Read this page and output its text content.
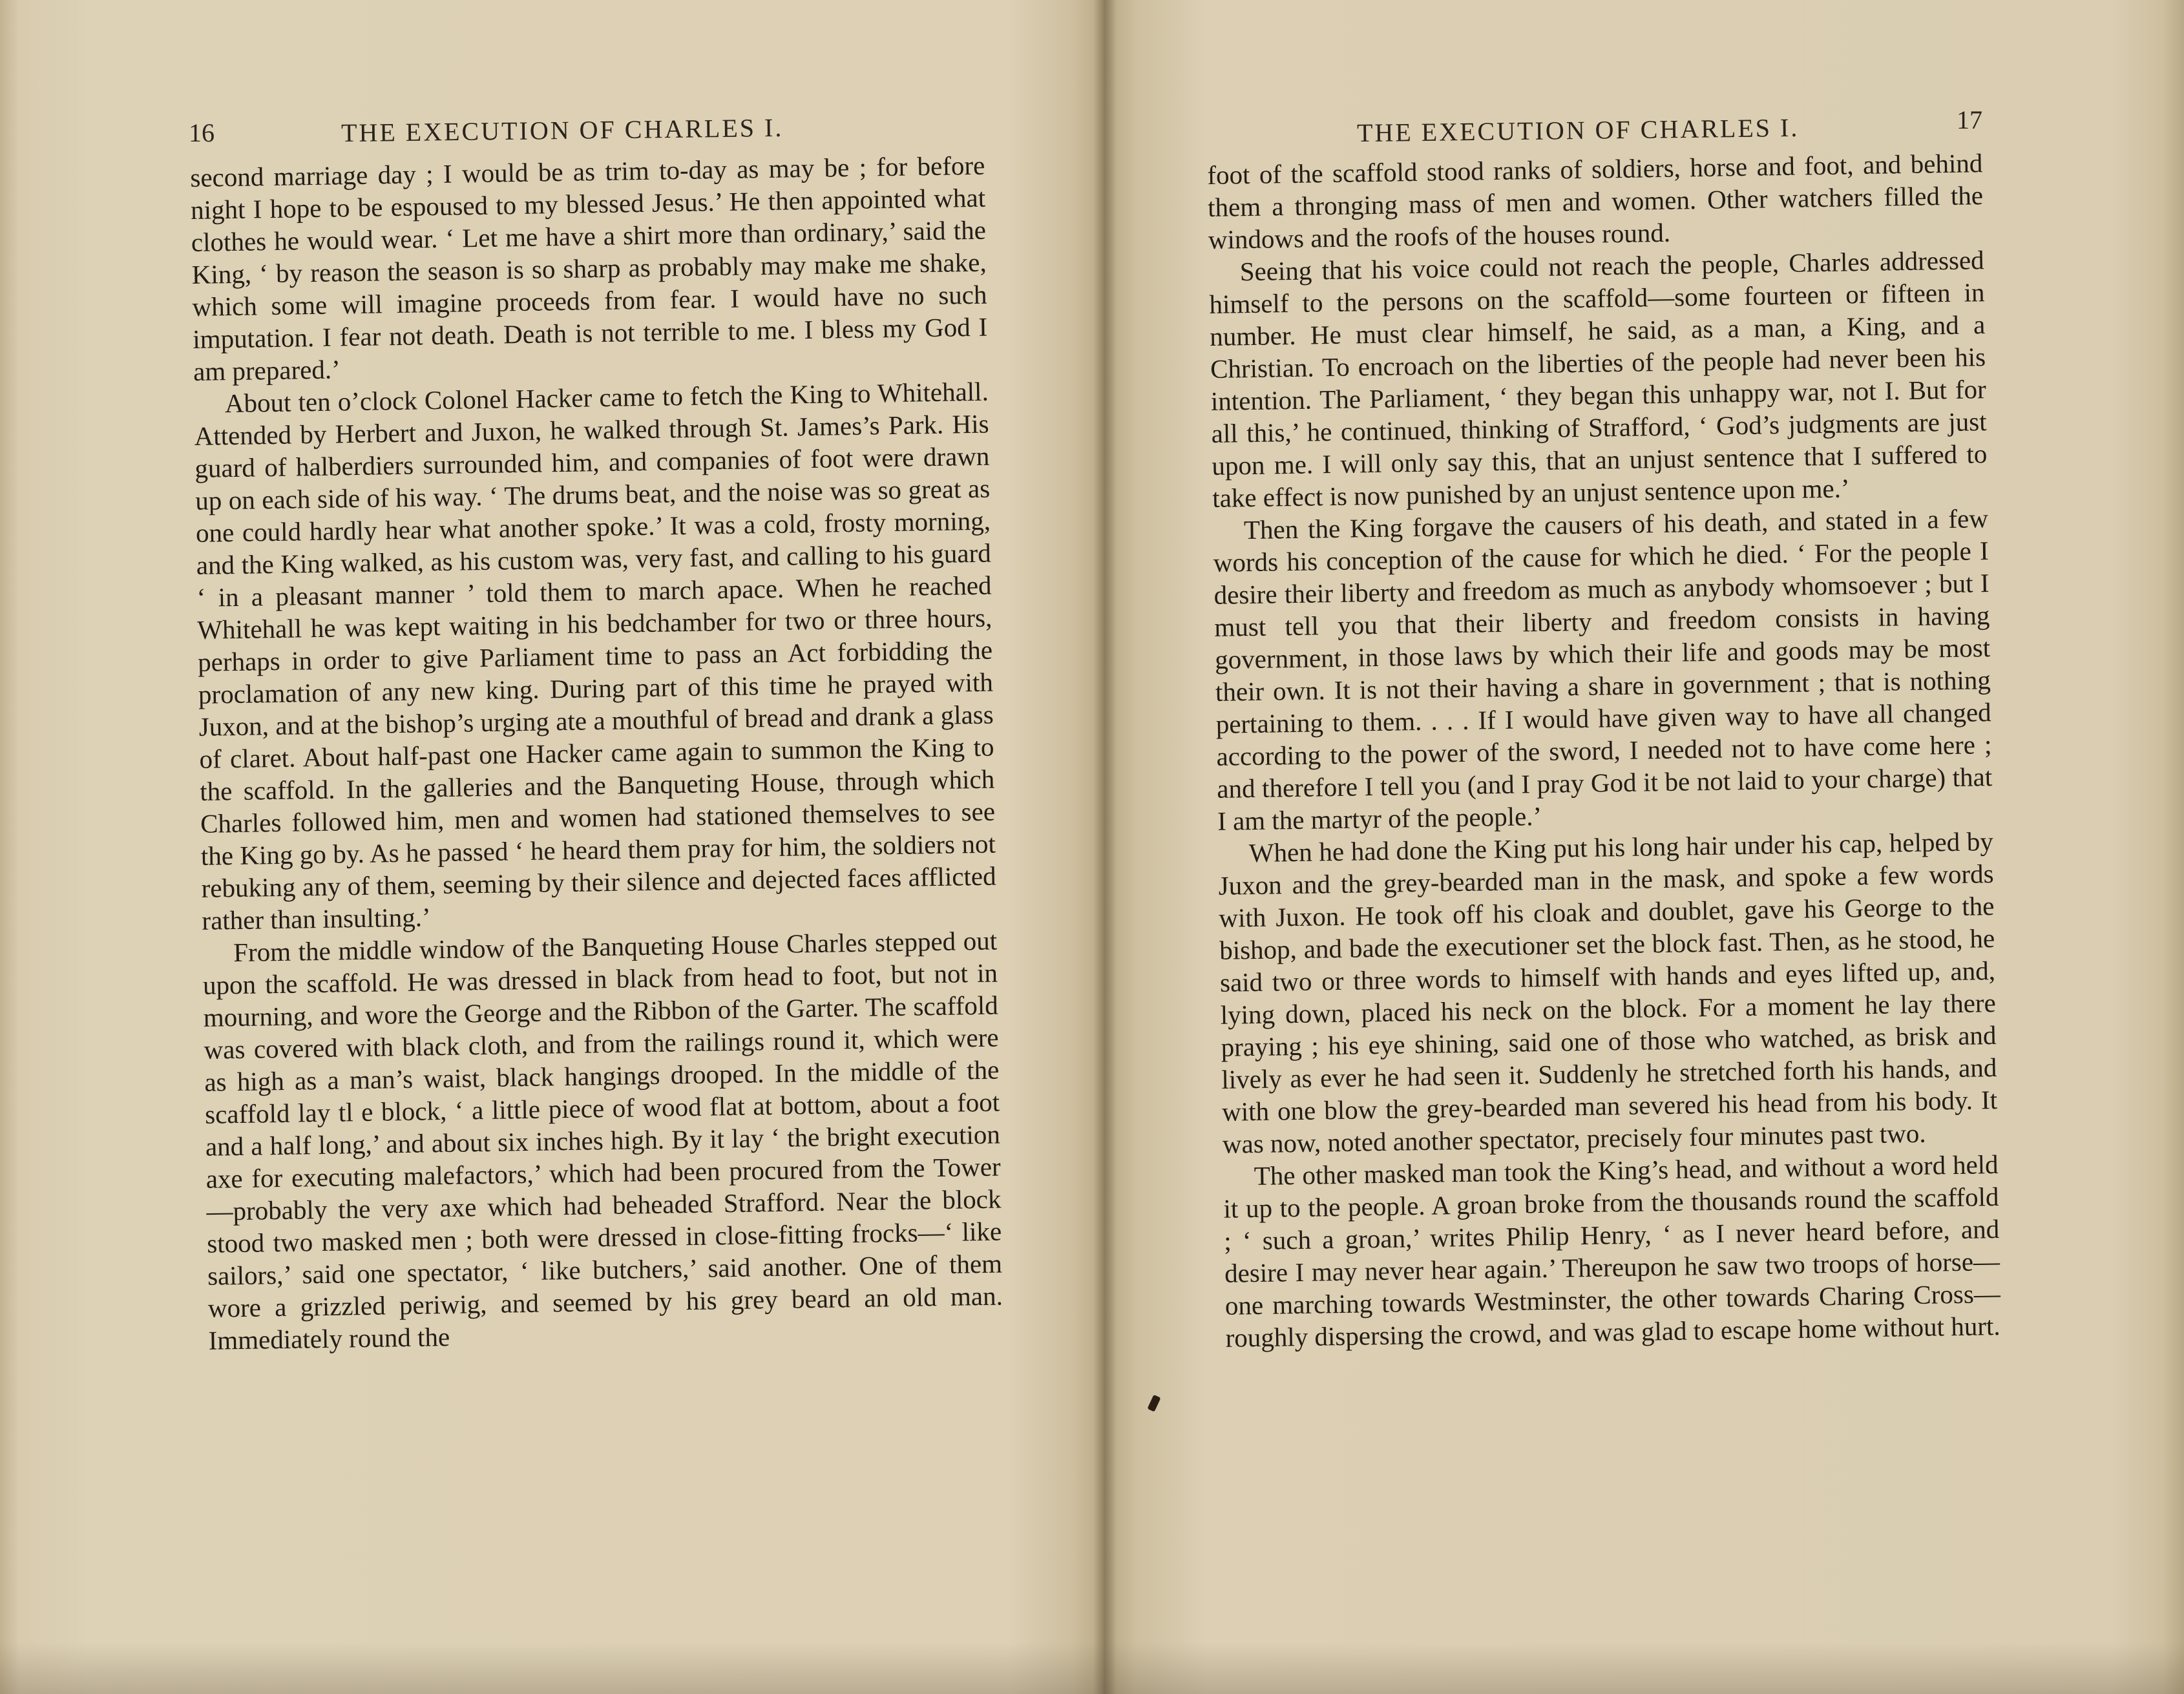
16	THE EXECUTION OF CHARLES I.

second marriage day ; I would be as trim to-day as may be ; for before night I hope to be espoused to my blessed Jesus.’ He then appointed what clothes he would wear. ‘ Let me have a shirt more than ordinary,’ said the King, ‘ by reason the season is so sharp as probably may make me shake, which some will imagine proceeds from fear. I would have no such imputation. I fear not death. Death is not terrible to me. I bless my God I am prepared.’

About ten o’clock Colonel Hacker came to fetch the King to Whitehall. Attended by Herbert and Juxon, he walked through St. James’s Park. His guard of halberdiers surrounded him, and companies of foot were drawn up on each side of his way. ‘ The drums beat, and the noise was so great as one could hardly hear what another spoke.’ It was a cold, frosty morning, and the King walked, as his custom was, very fast, and calling to his guard ‘ in a pleasant manner ’ told them to march apace. When he reached Whitehall he was kept waiting in his bedchamber for two or three hours, perhaps in order to give Parliament time to pass an Act forbidding the proclamation of any new king. During part of this time he prayed with Juxon, and at the bishop’s urging ate a mouthful of bread and drank a glass of claret. About half-past one Hacker came again to summon the King to the scaffold. In the galleries and the Banqueting House, through which Charles followed him, men and women had stationed themselves to see the King go by. As he passed ‘ he heard them pray for him, the soldiers not rebuking any of them, seeming by their silence and dejected faces afflicted rather than insulting.’

From the middle window of the Banqueting House Charles stepped out upon the scaffold. He was dressed in black from head to foot, but not in mourning, and wore the George and the Ribbon of the Garter. The scaffold was covered with black cloth, and from the railings round it, which were as high as a man’s waist, black hangings drooped. In the middle of the scaffold lay tl e block, ‘ a little piece of wood flat at bottom, about a foot and a half long,’ and about six inches high. By it lay ‘ the bright execution axe for executing malefactors,’ which had been procured from the Tower—probably the very axe which had beheaded Strafford. Near the block stood two masked men ; both were dressed in close-fitting frocks—‘ like sailors,’ said one spectator, ‘ like butchers,’ said another. One of them wore a grizzled periwig, and seemed by his grey beard an old man. Immediately round the

THE EXECUTION OF CHARLES I.	17

foot of the scaffold stood ranks of soldiers, horse and foot, and behind them a thronging mass of men and women. Other watchers filled the windows and the roofs of the houses round.

Seeing that his voice could not reach the people, Charles addressed himself to the persons on the scaffold—some fourteen or fifteen in number. He must clear himself, he said, as a man, a King, and a Christian. To encroach on the liberties of the people had never been his intention. The Parliament, ‘ they began this unhappy war, not I. But for all this,’ he continued, thinking of Strafford, ‘ God’s judgments are just upon me. I will only say this, that an unjust sentence that I suffered to take effect is now punished by an unjust sentence upon me.’

Then the King forgave the causers of his death, and stated in a few words his conception of the cause for which he died. ‘ For the people I desire their liberty and freedom as much as anybody whomsoever ; but I must tell you that their liberty and freedom consists in having government, in those laws by which their life and goods may be most their own. It is not their having a share in government ; that is nothing pertaining to them. . . . If I would have given way to have all changed according to the power of the sword, I needed not to have come here ; and therefore I tell you (and I pray God it be not laid to your charge) that I am the martyr of the people.’

When he had done the King put his long hair under his cap, helped by Juxon and the grey-bearded man in the mask, and spoke a few words with Juxon. He took off his cloak and doublet, gave his George to the bishop, and bade the executioner set the block fast. Then, as he stood, he said two or three words to himself with hands and eyes lifted up, and, lying down, placed his neck on the block. For a moment he lay there praying ; his eye shining, said one of those who watched, as brisk and lively as ever he had seen it. Suddenly he stretched forth his hands, and with one blow the grey-bearded man severed his head from his body. It was now, noted another spectator, precisely four minutes past two.

The other masked man took the King’s head, and without a word held it up to the people. A groan broke from the thousands round the scaffold ; ‘ such a groan,’ writes Philip Henry, ‘ as I never heard before, and desire I may never hear again.’ Thereupon he saw two troops of horse—one marching towards Westminster, the other towards Charing Cross—roughly dispersing the crowd, and was glad to escape home without hurt.
